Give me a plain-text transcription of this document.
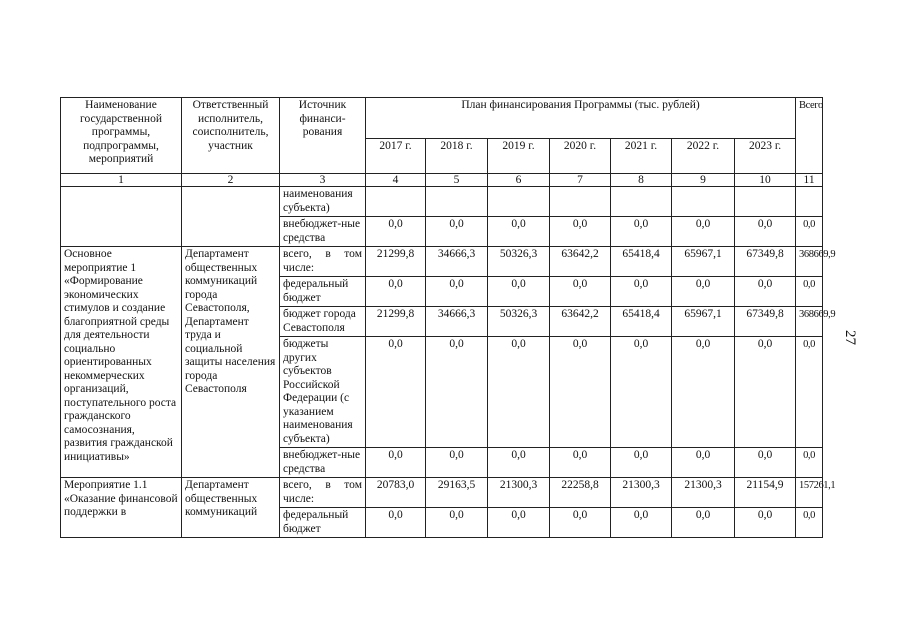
27
Наименование государственной программы, подпрограммы, мероприятий	Ответственный исполнитель, соисполнитель, участник	Источник финанси-рования	План финансирования Программы (тыс. рублей)							Всего
			2017 г.	2018 г.	2019 г.	2020 г.	2021 г.	2022 г.	2023 г.	
1	2	3	4	5	6	7	8	9	10	11
		наименования субъекта)								
		внебюджет-ные средства	0,0	0,0	0,0	0,0	0,0	0,0	0,0	0,0
Основное мероприятие 1 «Формирование экономических стимулов и создание благоприятной среды для деятельности социально ориентированных некоммерческих организаций, поступательного роста гражданского самосознания, развития гражданской инициативы»	Департамент общественных коммуникаций города Севастополя, Департамент труда и социальной защиты населения города Севастополя	всего, в том числе:	21299,8	34666,3	50326,3	63642,2	65418,4	65967,1	67349,8	368669,9
		федеральный бюджет	0,0	0,0	0,0	0,0	0,0	0,0	0,0	0,0
		бюджет города Севастополя	21299,8	34666,3	50326,3	63642,2	65418,4	65967,1	67349,8	368669,9
		бюджеты других субъектов Российской Федерации (с указанием наименования субъекта)	0,0	0,0	0,0	0,0	0,0	0,0	0,0	0,0
		внебюджет-ные средства	0,0	0,0	0,0	0,0	0,0	0,0	0,0	0,0
Мероприятие 1.1 «Оказание финансовой поддержки в	Департамент общественных коммуникаций	всего, в том числе:	20783,0	29163,5	21300,3	22258,8	21300,3	21300,3	21154,9	157261,1
		федеральный бюджет	0,0	0,0	0,0	0,0	0,0	0,0	0,0	0,0
